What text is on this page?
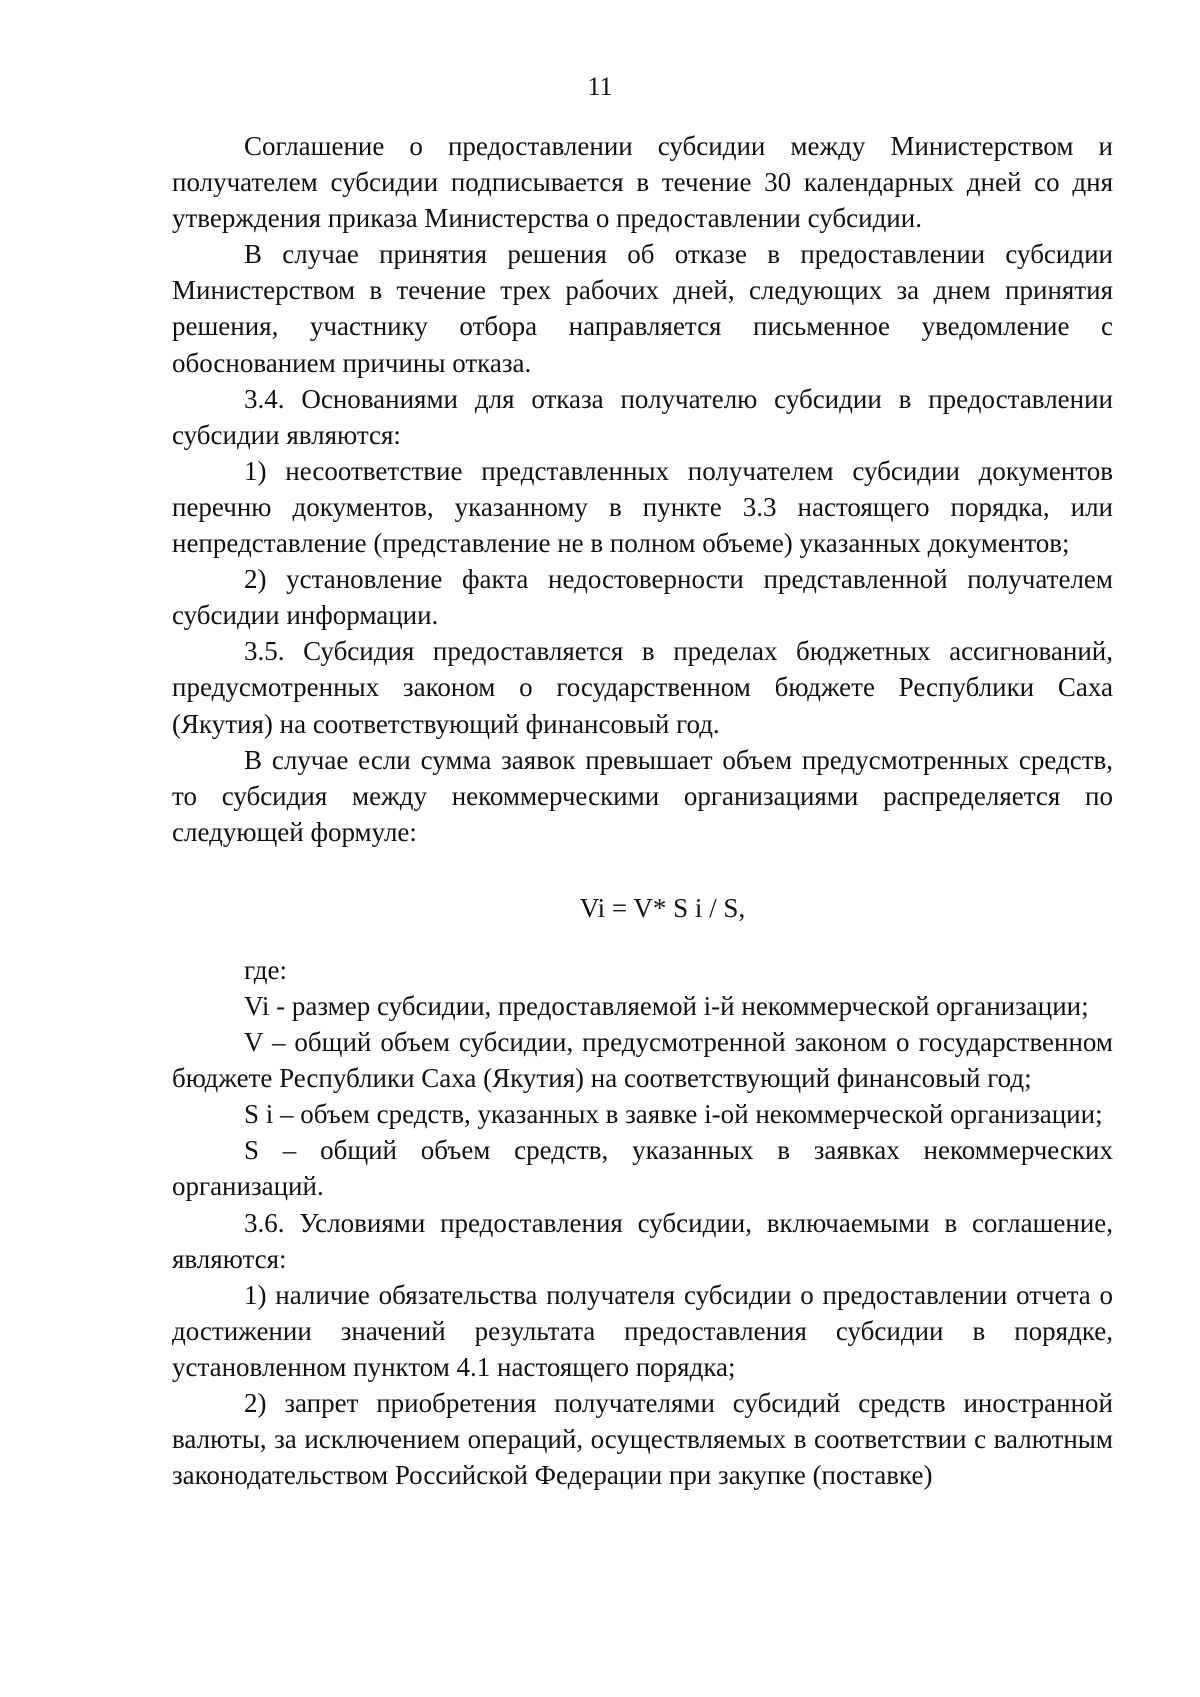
11

Соглашение о предоставлении субсидии между Министерством и получателем субсидии подписывается в течение 30 календарных дней со дня утверждения приказа Министерства о предоставлении субсидии.

В случае принятия решения об отказе в предоставлении субсидии Министерством в течение трех рабочих дней, следующих за днем принятия решения, участнику отбора направляется письменное уведомление с обоснованием причины отказа.

3.4. Основаниями для отказа получателю субсидии в предоставлении субсидии являются:

1) несоответствие представленных получателем субсидии документов перечню документов, указанному в пункте 3.3 настоящего порядка, или непредставление (представление не в полном объеме) указанных документов;

2) установление факта недостоверности представленной получателем субсидии информации.

3.5. Субсидия предоставляется в пределах бюджетных ассигнований, предусмотренных законом о государственном бюджете Республики Саха (Якутия) на соответствующий финансовый год.

В случае если сумма заявок превышает объем предусмотренных средств, то субсидия между некоммерческими организациями распределяется по следующей формуле:

Vi = V* S i / S,

где:

Vi - размер субсидии, предоставляемой i-й некоммерческой организации;

V – общий объем субсидии, предусмотренной законом о государственном бюджете Республики Саха (Якутия) на соответствующий финансовый год;

S i – объем средств, указанных в заявке i-ой некоммерческой организации;

S – общий объем средств, указанных в заявках некоммерческих организаций.

3.6. Условиями предоставления субсидии, включаемыми в соглашение, являются:

1) наличие обязательства получателя субсидии о предоставлении отчета о достижении значений результата предоставления субсидии в порядке, установленном пунктом 4.1 настоящего порядка;

2) запрет приобретения получателями субсидий средств иностранной валюты, за исключением операций, осуществляемых в соответствии с валютным законодательством Российской Федерации при закупке (поставке)
